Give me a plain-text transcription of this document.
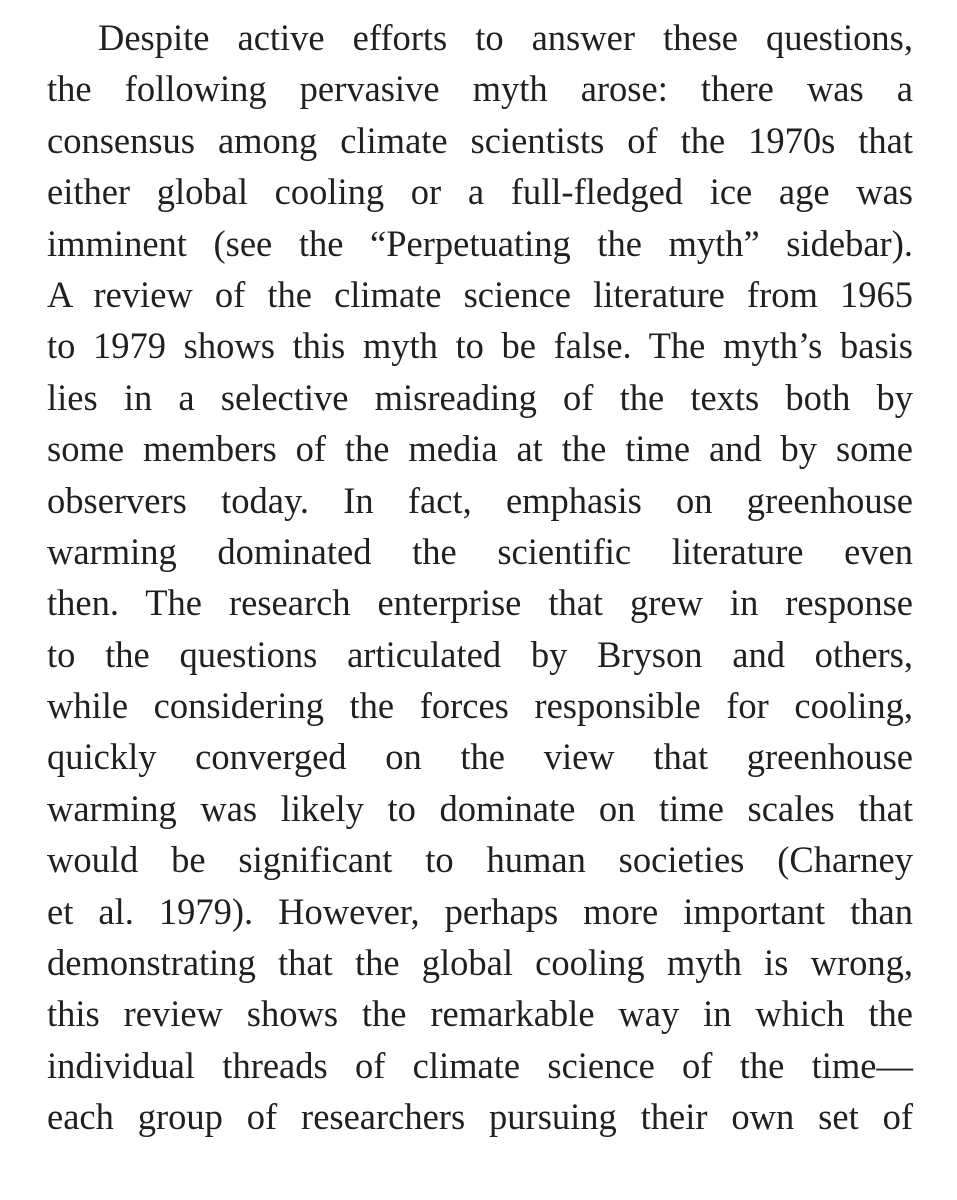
Despite active efforts to answer these questions,
the following pervasive myth arose: there was a
consensus among climate scientists of the 1970s that
either global cooling or a full-fledged ice age was
imminent (see the “Perpetuating the myth” sidebar).
A review of the climate science literature from 1965
to 1979 shows this myth to be false. The myth’s basis
lies in a selective misreading of the texts both by
some members of the media at the time and by some
observers today. In fact, emphasis on greenhouse
warming dominated the scientific literature even
then. The research enterprise that grew in response
to the questions articulated by Bryson and others,
while considering the forces responsible for cooling,
quickly converged on the view that greenhouse
warming was likely to dominate on time scales that
would be significant to human societies (Charney
et al. 1979). However, perhaps more important than
demonstrating that the global cooling myth is wrong,
this review shows the remarkable way in which the
individual threads of climate science of the time—
each group of researchers pursuing their own set of
